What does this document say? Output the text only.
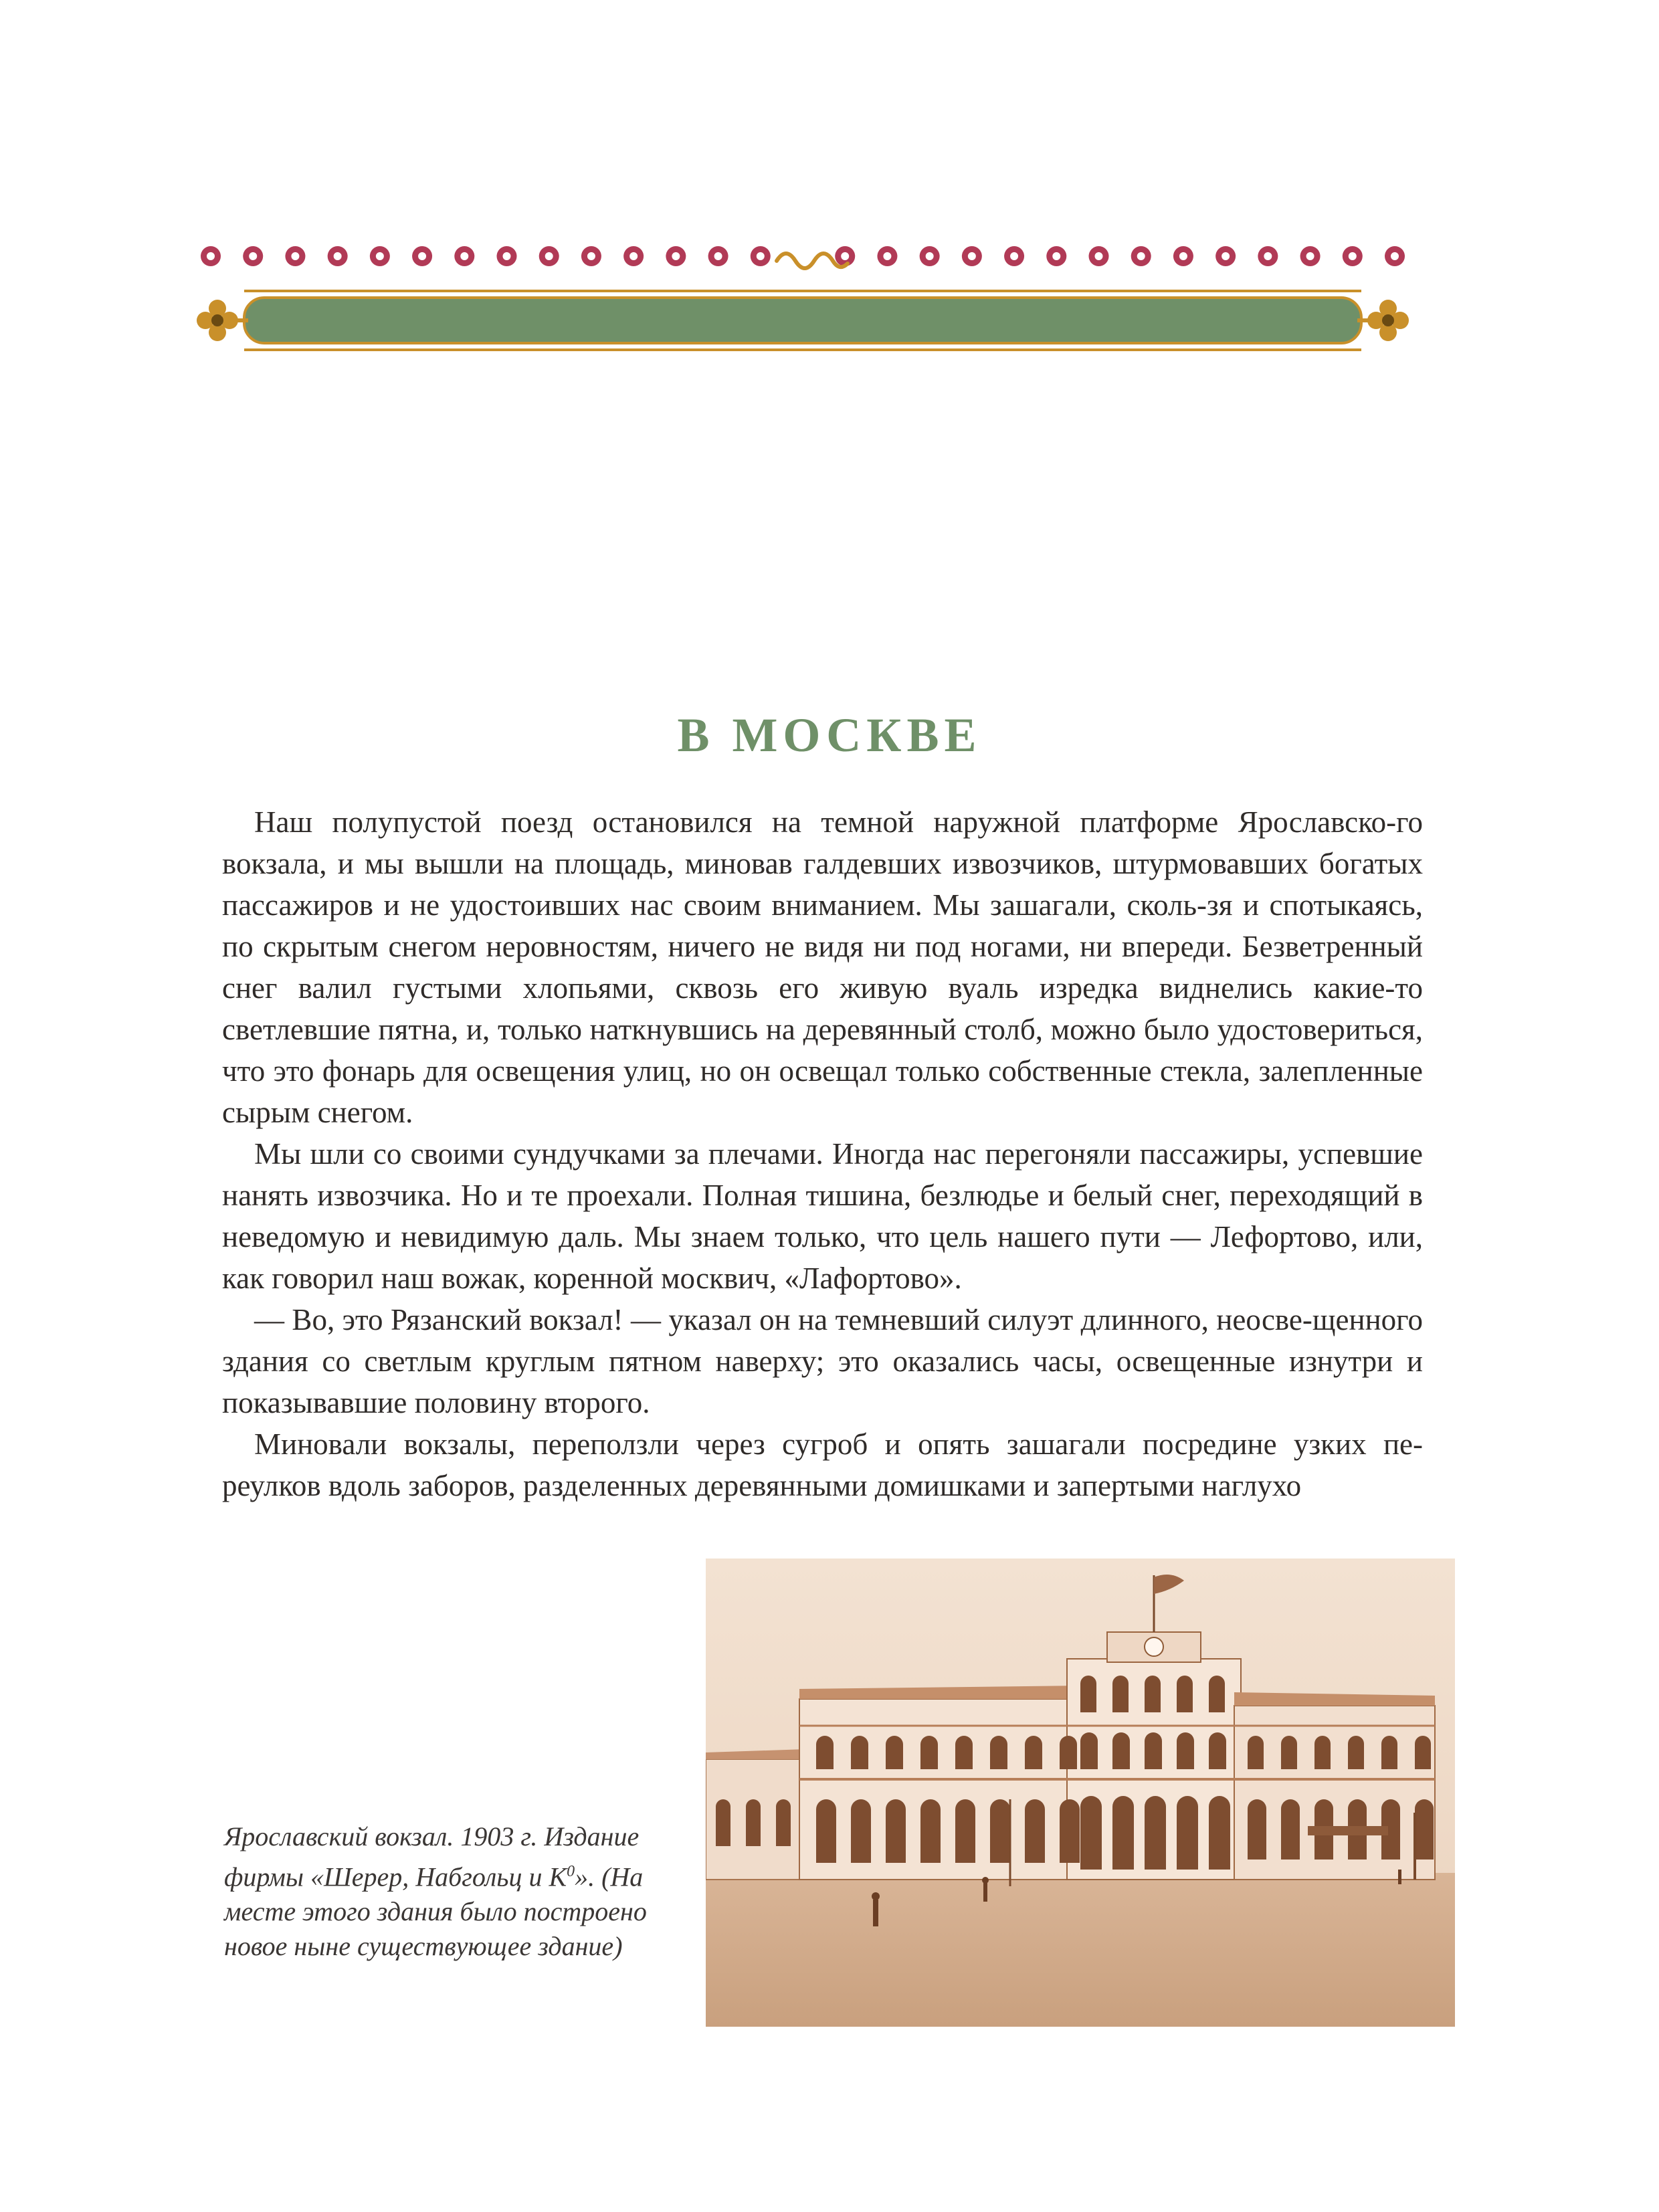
В МОСКВЕ

Наш полупустой поезд остановился на темной наружной платформе Ярославско-го вокзала, и мы вышли на площадь, миновав галдевших извозчиков, штурмовавших богатых пассажиров и не удостоивших нас своим вниманием. Мы зашагали, сколь-зя и спотыкаясь, по скрытым снегом неровностям, ничего не видя ни под ногами, ни впереди. Безветренный снег валил густыми хлопьями, сквозь его живую вуаль изредка виднелись какие-то светлевшие пятна, и, только наткнувшись на деревянный столб, можно было удостовериться, что это фонарь для освещения улиц, но он освещал только собственные стекла, залепленные сырым снегом.

Мы шли со своими сундучками за плечами. Иногда нас перегоняли пассажиры, успевшие нанять извозчика. Но и те проехали. Полная тишина, безлюдье и белый снег, переходящий в неведомую и невидимую даль. Мы знаем только, что цель нашего пути — Лефортово, или, как говорил наш вожак, коренной москвич, «Лафортово».

— Во, это Рязанский вокзал! — указал он на темневший силуэт длинного, неосве-щенного здания со светлым круглым пятном наверху; это оказались часы, освещенные изнутри и показывавшие половину второго.

Миновали вокзалы, переползли через сугроб и опять зашагали посредине узких пе-реулков вдоль заборов, разделенных деревянными домишками и запертыми наглухо

Ярославский вокзал. 1903 г. Издание фирмы «Шерер, Набгольц и $К^0$». (На месте этого здания было построено новое ныне существующее здание)
